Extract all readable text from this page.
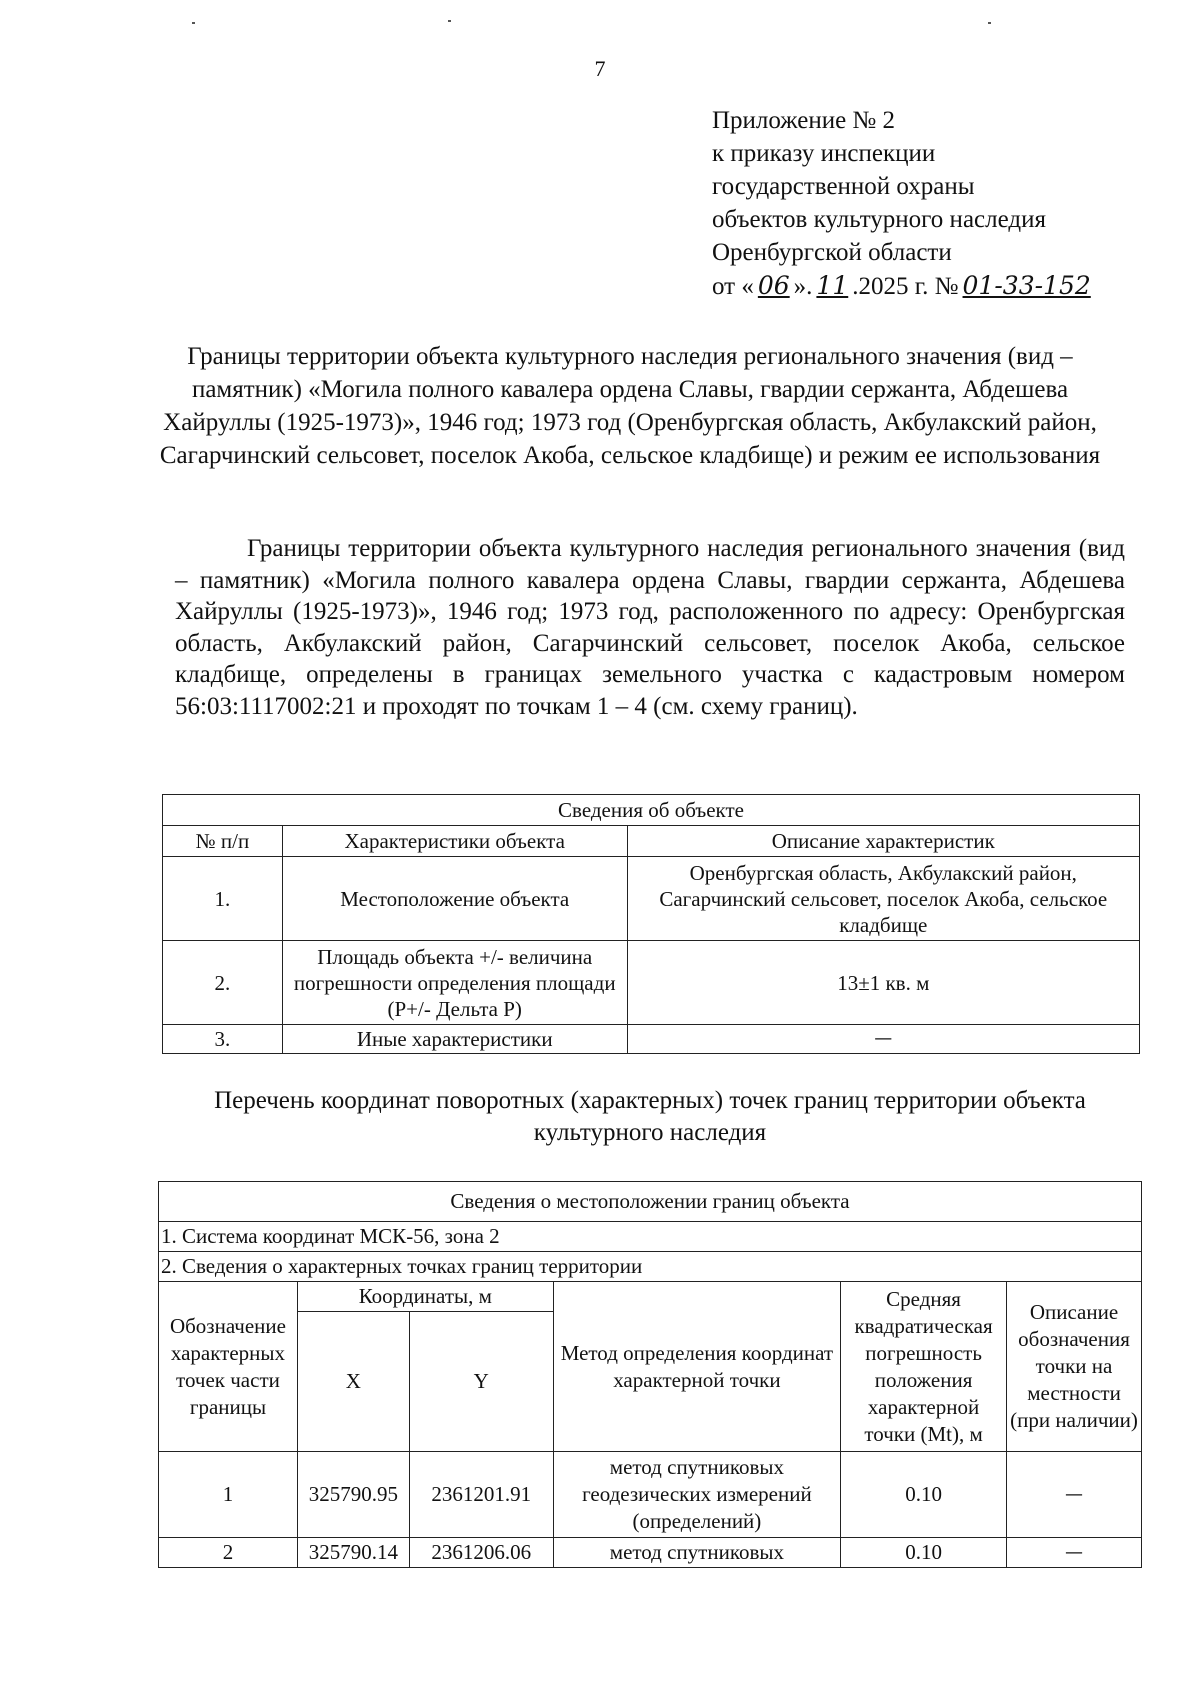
7
Приложение № 2
к приказу инспекции
государственной охраны
объектов культурного наследия
Оренбургской области
от « 06 ». 11 .2025 г. № 01-33-152
Границы территории объекта культурного наследия регионального значения (вид – памятник) «Могила полного кавалера ордена Славы, гвардии сержанта, Абдешева Хайруллы (1925-1973)», 1946 год; 1973 год (Оренбургская область, Акбулакский район, Сагарчинский сельсовет, поселок Акоба, сельское кладбище) и режим ее использования
Границы территории объекта культурного наследия регионального значения (вид – памятник) «Могила полного кавалера ордена Славы, гвардии сержанта, Абдешева Хайруллы (1925-1973)», 1946 год; 1973 год, расположенного по адресу: Оренбургская область, Акбулакский район, Сагарчинский сельсовет, поселок Акоба, сельское кладбище, определены в границах земельного участка с кадастровым номером 56:03:1117002:21 и проходят по точкам 1 – 4 (см. схему границ).
Сведения об объекте		
№ п/п	Характеристики объекта	Описание характеристик
1.	Местоположение объекта	Оренбургская область, Акбулакский район, Сагарчинский сельсовет, поселок Акоба, сельское кладбище
2.	Площадь объекта +/- величина погрешности определения площади (P+/- Дельта P)	13±1 кв. м
3.	Иные характеристики	—
Перечень координат поворотных (характерных) точек границ территории объекта культурного наследия
Сведения о местоположении границ объекта					
1. Система координат МСК-56, зона 2					
2. Сведения о характерных точках границ территории					
Обозначение характерных точек части границы	Координаты, м		Метод определения координат характерной точки	Средняя квадратическая погрешность положения характерной точки (Mt), м	Описание обозначения точки на местности (при наличии)
	X	Y			
1	325790.95	2361201.91	метод спутниковых геодезических измерений (определений)	0.10	—
2	325790.14	2361206.06	метод спутниковых	0.10	—
